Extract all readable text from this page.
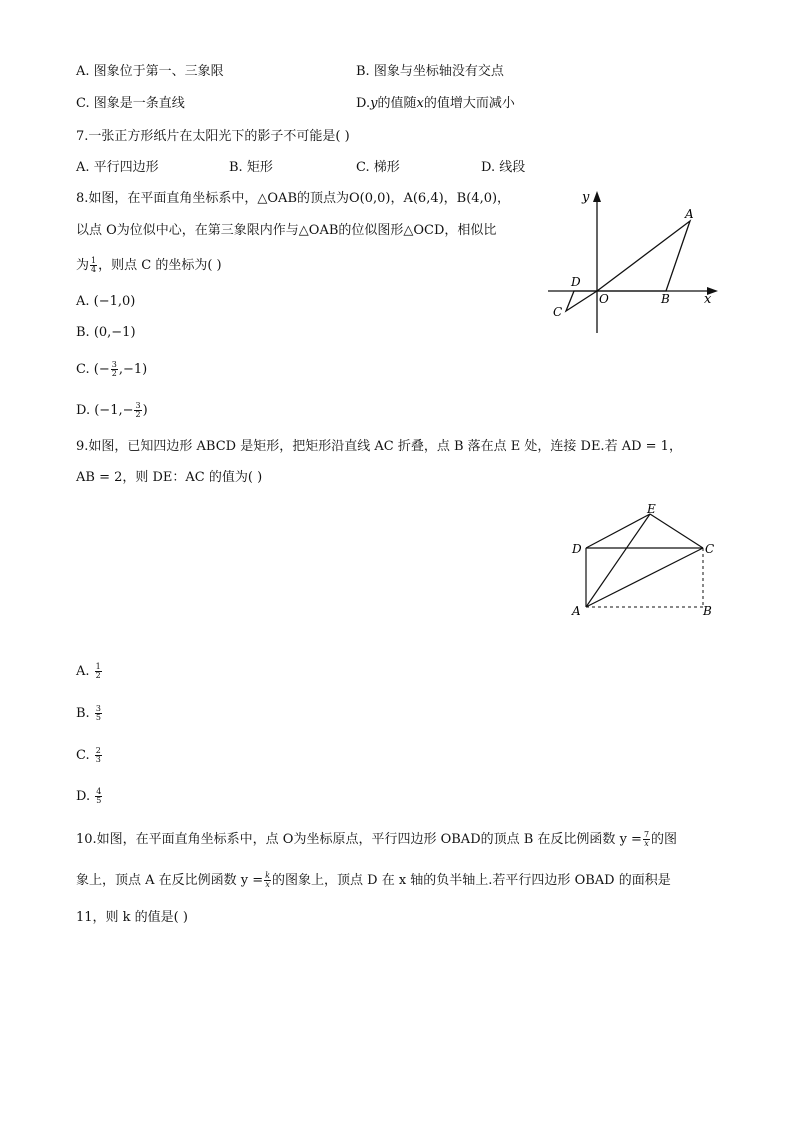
A. 图象位于第一、三象限	B. 图象与坐标轴没有交点
C. 图象是一条直线	D.y的值随x的值增大而减小
7.一张正方形纸片在太阳光下的影子不可能是( )
A. 平行四边形	B. 矩形	C. 梯形	D. 线段
8.如图，在平面直角坐标系中，△OAB的顶点为O(0,0)，A(6,4)，B(4,0)，
以点 O为位似中心，在第三象限内作与△OAB的位似图形△OCD，相似比
为 $\frac{1}{4}$ ，则点 C 的坐标为( )
A. (−1,0)
B. (0,−1)
C. (− $\frac{3}{2} ,-1$)
D. ($-1,- \frac{3}{2}$ )
y
x
A
B
O
D
C
9.如图，已知四边形 ABCD 是矩形，把矩形沿直线 AC 折叠，点 B 落在点 E 处，连接 DE.若 AD = 1，
AB = 2，则 DE：AC 的值为( )
E
D	C
A	B
A. $\frac{1}{2}$
B. $\frac{3}{5}$
C. $\frac{2}{3}$
D. $\frac{4}{5}$
10.如图，在平面直角坐标系中，点 O为坐标原点，平行四边形 OBAD的顶点 B 在反比例函数 $y = \frac{7}{x}$ 的图
象上，顶点 A 在反比例函数 $y = \frac{k}{x}$ 的图象上，顶点 D 在 x 轴的负半轴上.若平行四边形 OBAD 的面积是
11，则 k 的值是( )
